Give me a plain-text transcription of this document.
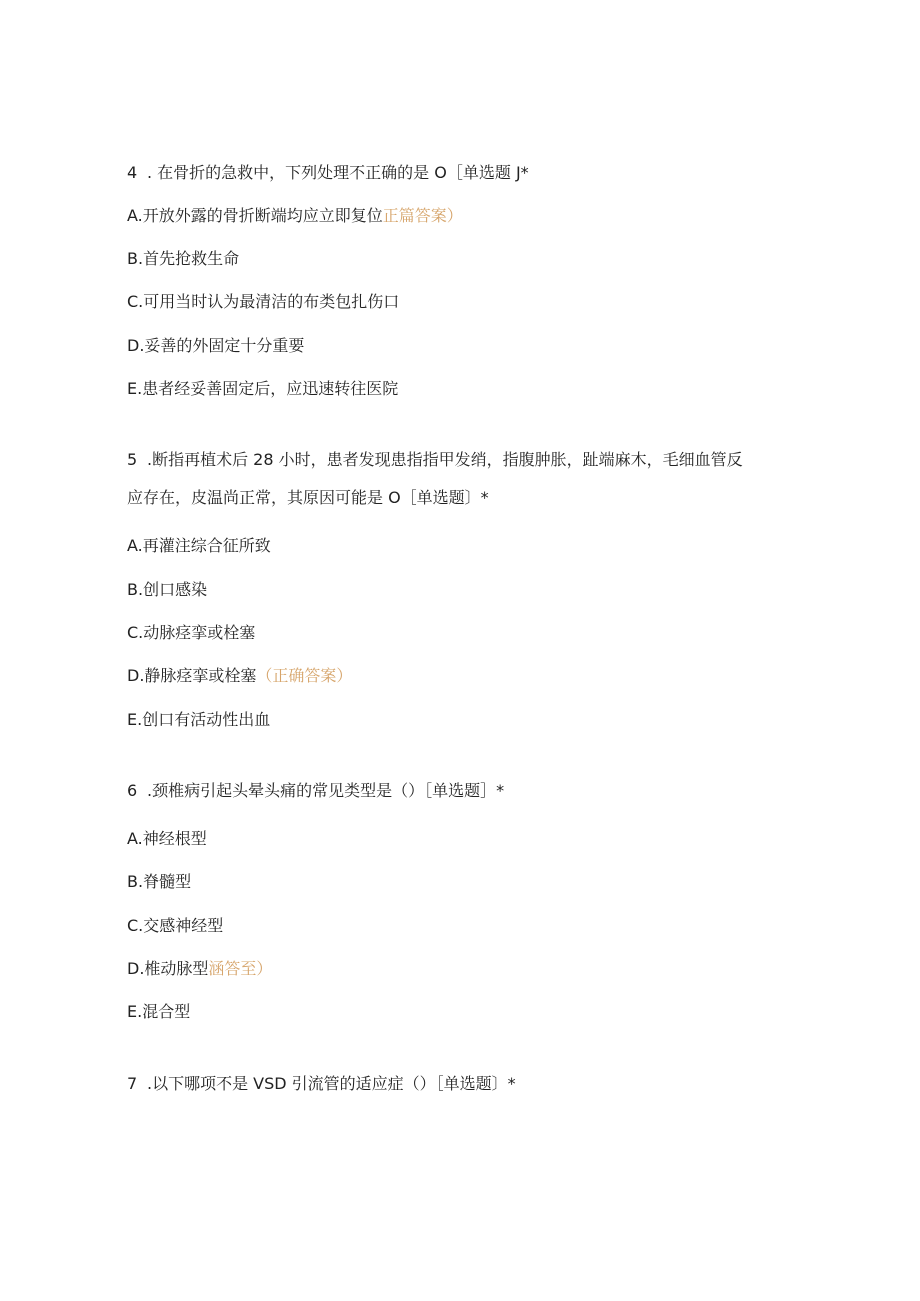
4 . 在骨折的急救中，下列处理不正确的是 O［单选题 J*
A.开放外露的骨折断端均应立即复位正篇答案）
B.首先抢救生命
C.可用当时认为最清洁的布类包扎伤口
D.妥善的外固定十分重要
E.患者经妥善固定后，应迅速转往医院
5 .断指再植术后 28 小时，患者发现患指指甲发绡，指腹肿胀，趾端麻木，毛细血管反
应存在，皮温尚正常，其原因可能是 O［单选题〕*
A.再灌注综合征所致
B.创口感染
C.动脉痉挛或栓塞
D.静脉痉挛或栓塞（正确答案）
E.创口有活动性出血
6 .颈椎病引起头晕头痛的常见类型是（）［单选题］*
A.神经根型
B.脊髓型
C.交感神经型
D.椎动脉型涵答至）
E.混合型
7 .以下哪项不是 VSD 引流管的适应症（）［单选题〕*
